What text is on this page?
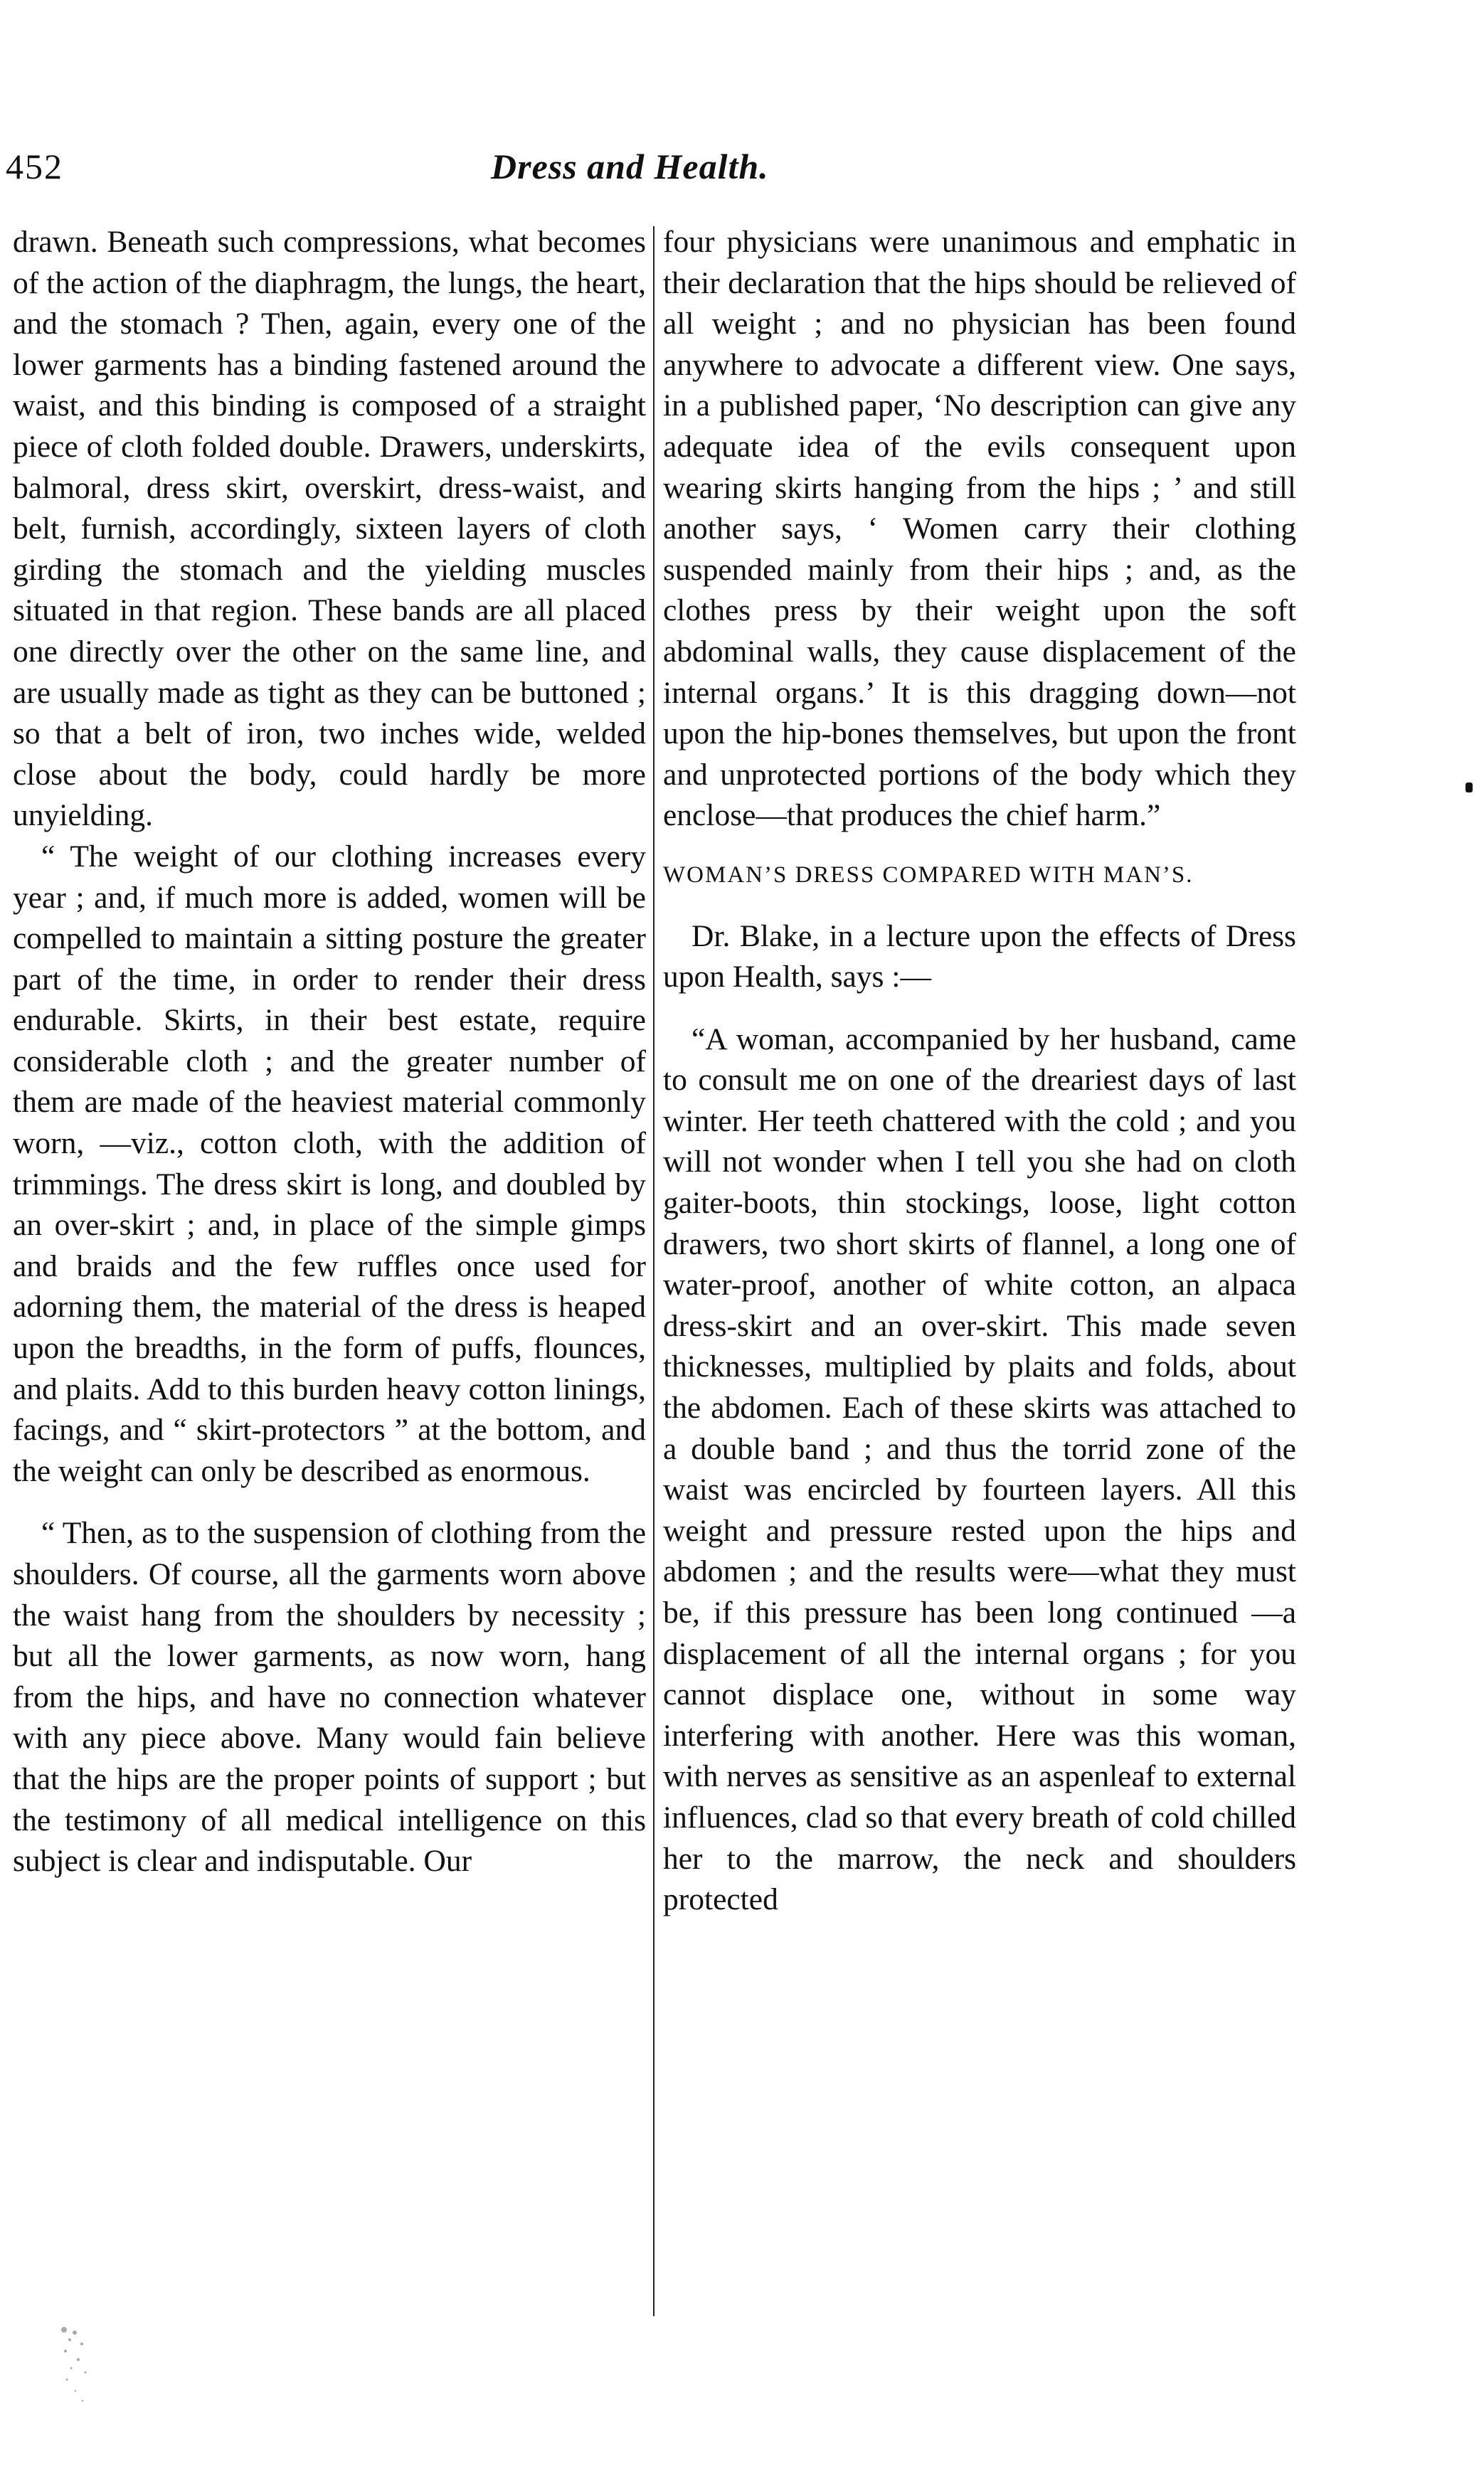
452	Dress and Health.

drawn. Beneath such compressions, what becomes of the action of the diaphragm, the lungs, the heart, and the stomach ? Then, again, every one of the lower garments has a binding fastened around the waist, and this binding is composed of a straight piece of cloth folded double. Drawers, underskirts, balmoral, dress skirt, overskirt, dress-waist, and belt, furnish, accordingly, sixteen layers of cloth girding the stomach and the yielding muscles situated in that region. These bands are all placed one directly over the other on the same line, and are usually made as tight as they can be buttoned ; so that a belt of iron, two inches wide, welded close about the body, could hardly be more unyielding.

“ The weight of our clothing increases every year ; and, if much more is added, women will be compelled to maintain a sitting posture the greater part of the time, in order to render their dress endurable. Skirts, in their best estate, require considerable cloth ; and the greater number of them are made of the heaviest material commonly worn, —viz., cotton cloth, with the addition of trimmings. The dress skirt is long, and doubled by an over-skirt ; and, in place of the simple gimps and braids and the few ruffles once used for adorning them, the material of the dress is heaped upon the breadths, in the form of puffs, flounces, and plaits. Add to this burden heavy cotton linings, facings, and “ skirt-protectors ” at the bottom, and the weight can only be described as enormous.

“ Then, as to the suspension of clothing from the shoulders. Of course, all the garments worn above the waist hang from the shoulders by necessity ; but all the lower garments, as now worn, hang from the hips, and have no connection whatever with any piece above. Many would fain believe that the hips are the proper points of support ; but the testimony of all medical intelligence on this subject is clear and indisputable. Our

four physicians were unanimous and emphatic in their declaration that the hips should be relieved of all weight ; and no physician has been found anywhere to advocate a different view. One says, in a published paper, ‘No description can give any adequate idea of the evils consequent upon wearing skirts hanging from the hips ; ’ and still another says, ‘ Women carry their clothing suspended mainly from their hips ; and, as the clothes press by their weight upon the soft abdominal walls, they cause displacement of the internal organs.’ It is this dragging down—not upon the hip-bones themselves, but upon the front and unprotected portions of the body which they enclose—that produces the chief harm.”

WOMAN’S DRESS COMPARED WITH MAN’S.

Dr. Blake, in a lecture upon the effects of Dress upon Health, says :—

“A woman, accompanied by her husband, came to consult me on one of the dreariest days of last winter. Her teeth chattered with the cold ; and you will not wonder when I tell you she had on cloth gaiter-boots, thin stockings, loose, light cotton drawers, two short skirts of flannel, a long one of water-proof, another of white cotton, an alpaca dress-skirt and an over-skirt. This made seven thicknesses, multiplied by plaits and folds, about the abdomen. Each of these skirts was attached to a double band ; and thus the torrid zone of the waist was encircled by fourteen layers. All this weight and pressure rested upon the hips and abdomen ; and the results were—what they must be, if this pressure has been long continued —a displacement of all the internal organs ; for you cannot displace one, without in some way interfering with another. Here was this woman, with nerves as sensitive as an aspenleaf to external influences, clad so that every breath of cold chilled her to the marrow, the neck and shoulders protected
